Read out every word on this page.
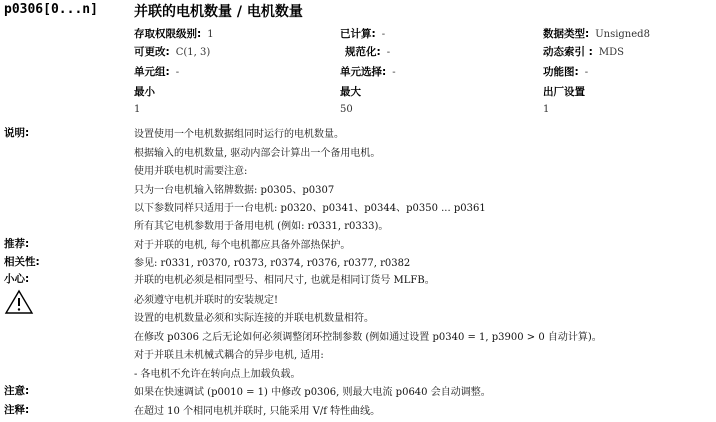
p0306[0...n]	并联的电机数量 / 电机数量
存取权限级别: 1	已计算: -	数据类型: Unsigned8
可更改: C(1, 3)	规范化: -	动态索引 : MDS
单元组: -	单元选择: -	功能图: -
最小	最大	出厂设置
1	50	1
说明:	设置使用一个电机数据组同时运行的电机数量。
根据输入的电机数量, 驱动内部会计算出一个备用电机。
使用并联电机时需要注意:
只为一台电机输入铭牌数据: p0305、p0307
以下参数同样只适用于一台电机: p0320、p0341、p0344、p0350 ... p0361
所有其它电机参数用于备用电机 (例如: r0331, r0333)。
推荐:	对于并联的电机, 每个电机都应具备外部热保护。
相关性:	参见: r0331, r0370, r0373, r0374, r0376, r0377, r0382
小心:	并联的电机必须是相同型号、相同尺寸, 也就是相同订货号 MLFB。
必须遵守电机并联时的安装规定!
设置的电机数量必须和实际连接的并联电机数量相符。
在修改 p0306 之后无论如何必须调整闭环控制参数 (例如通过设置 p0340 = 1, p3900 > 0 自动计算)。
对于并联且未机械式耦合的异步电机, 适用:
- 各电机不允许在转向点上加载负载。
注意:	如果在快速调试 (p0010 = 1) 中修改 p0306, 则最大电流 p0640 会自动调整。
注释:	在超过 10 个相同电机并联时, 只能采用 V/f 特性曲线。
